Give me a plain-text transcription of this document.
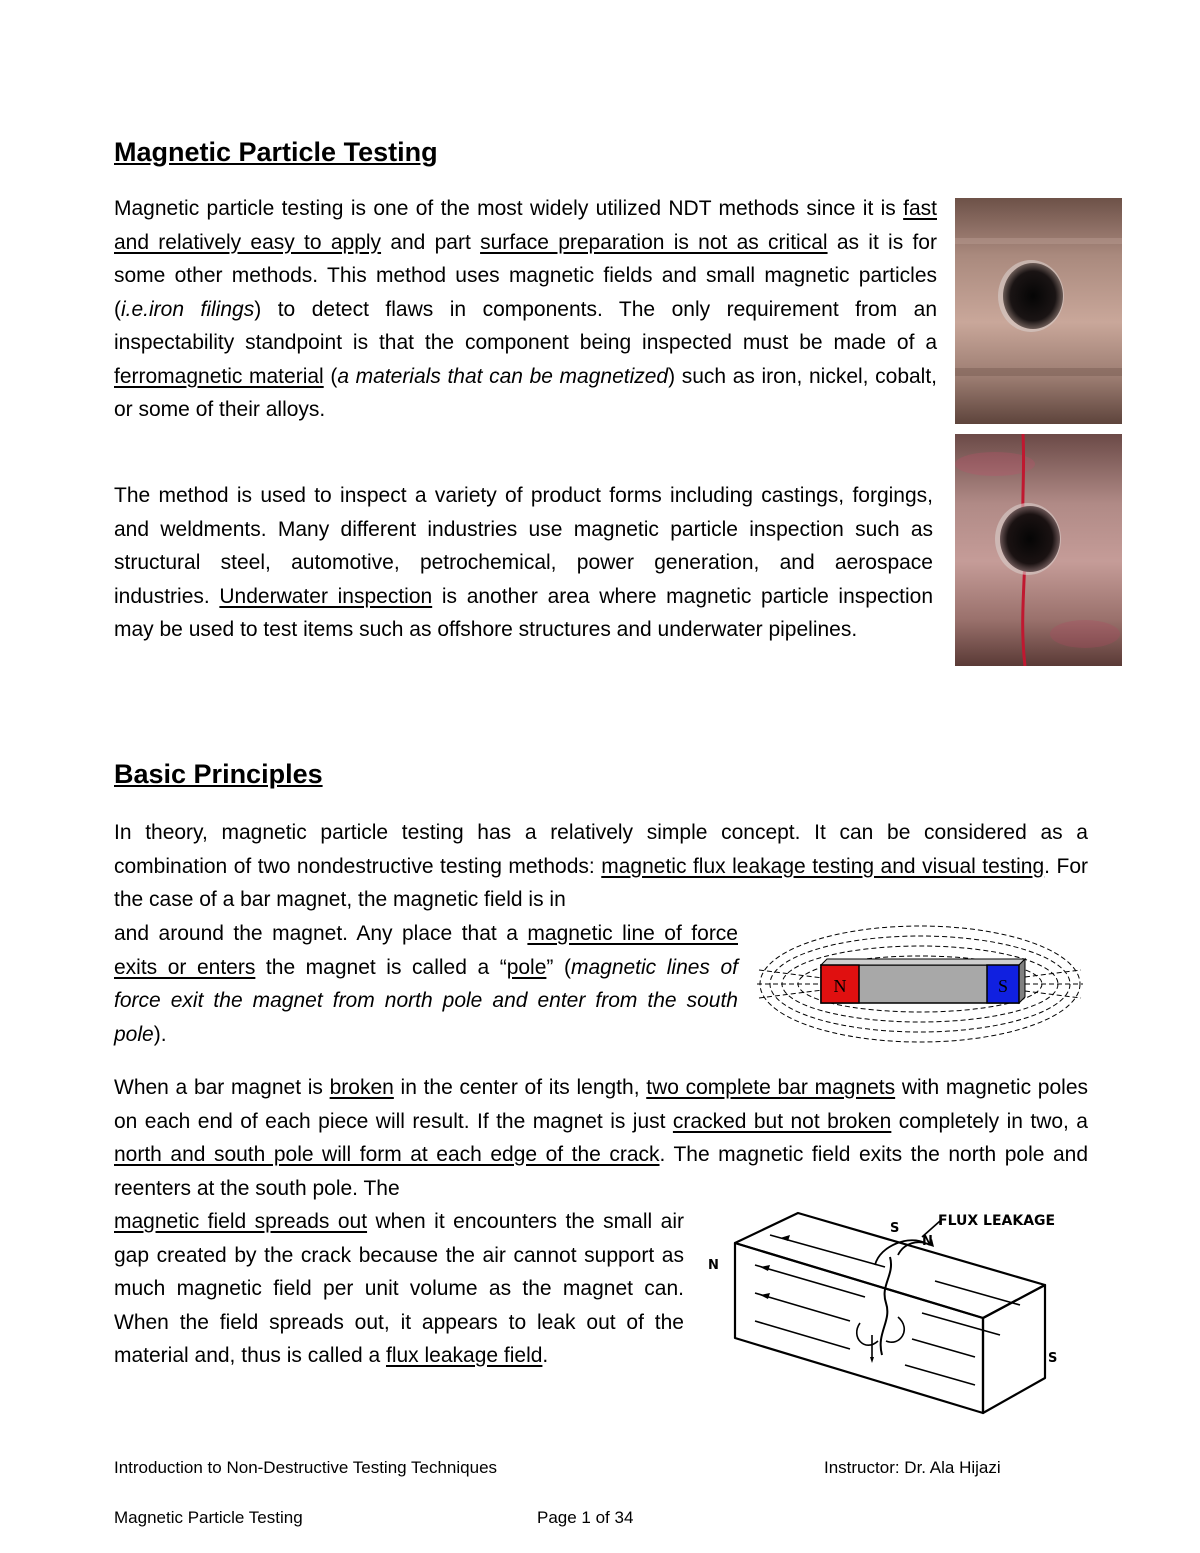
Magnetic Particle Testing

Magnetic particle testing is one of the most widely utilized NDT methods since it is fast and relatively easy to apply and part surface preparation is not as critical as it is for some other methods. This method uses magnetic fields and small magnetic particles (i.e.iron filings) to detect flaws in components. The only requirement from an inspectability standpoint is that the component being inspected must be made of a ferromagnetic material (a materials that can be magnetized) such as iron, nickel, cobalt, or some of their alloys.

The method is used to inspect a variety of product forms including castings, forgings, and weldments. Many different industries use magnetic particle inspection such as structural steel, automotive, petrochemical, power generation, and aerospace industries. Underwater inspection is another area where magnetic particle inspection may be used to test items such as offshore structures and underwater pipelines.

Basic Principles

In theory, magnetic particle testing has a relatively simple concept. It can be considered as a combination of two nondestructive testing methods: magnetic flux leakage testing and visual testing. For the case of a bar magnet, the magnetic field is in

and around the magnet. Any place that a magnetic line of force exits or enters the magnet is called a “pole” (magnetic lines of force exit the magnet from north pole and enter from the south pole).

N	S

When a bar magnet is broken in the center of its length, two complete bar magnets with magnetic poles on each end of each piece will result. If the magnet is just cracked but not broken completely in two, a north and south pole will form at each edge of the crack. The magnetic field exits the north pole and reenters at the south pole. The

magnetic field spreads out when it encounters the small air gap created by the crack because the air cannot support as much magnetic field per unit volume as the magnet can. When the field spreads out, it appears to leak out of the material and, thus is called a flux leakage field.

FLUX LEAKAGE
S
N
N
S
Introduction to Non-Destructive Testing Techniques	Instructor: Dr. Ala Hijazi
Magnetic Particle Testing	Page 1 of 34
